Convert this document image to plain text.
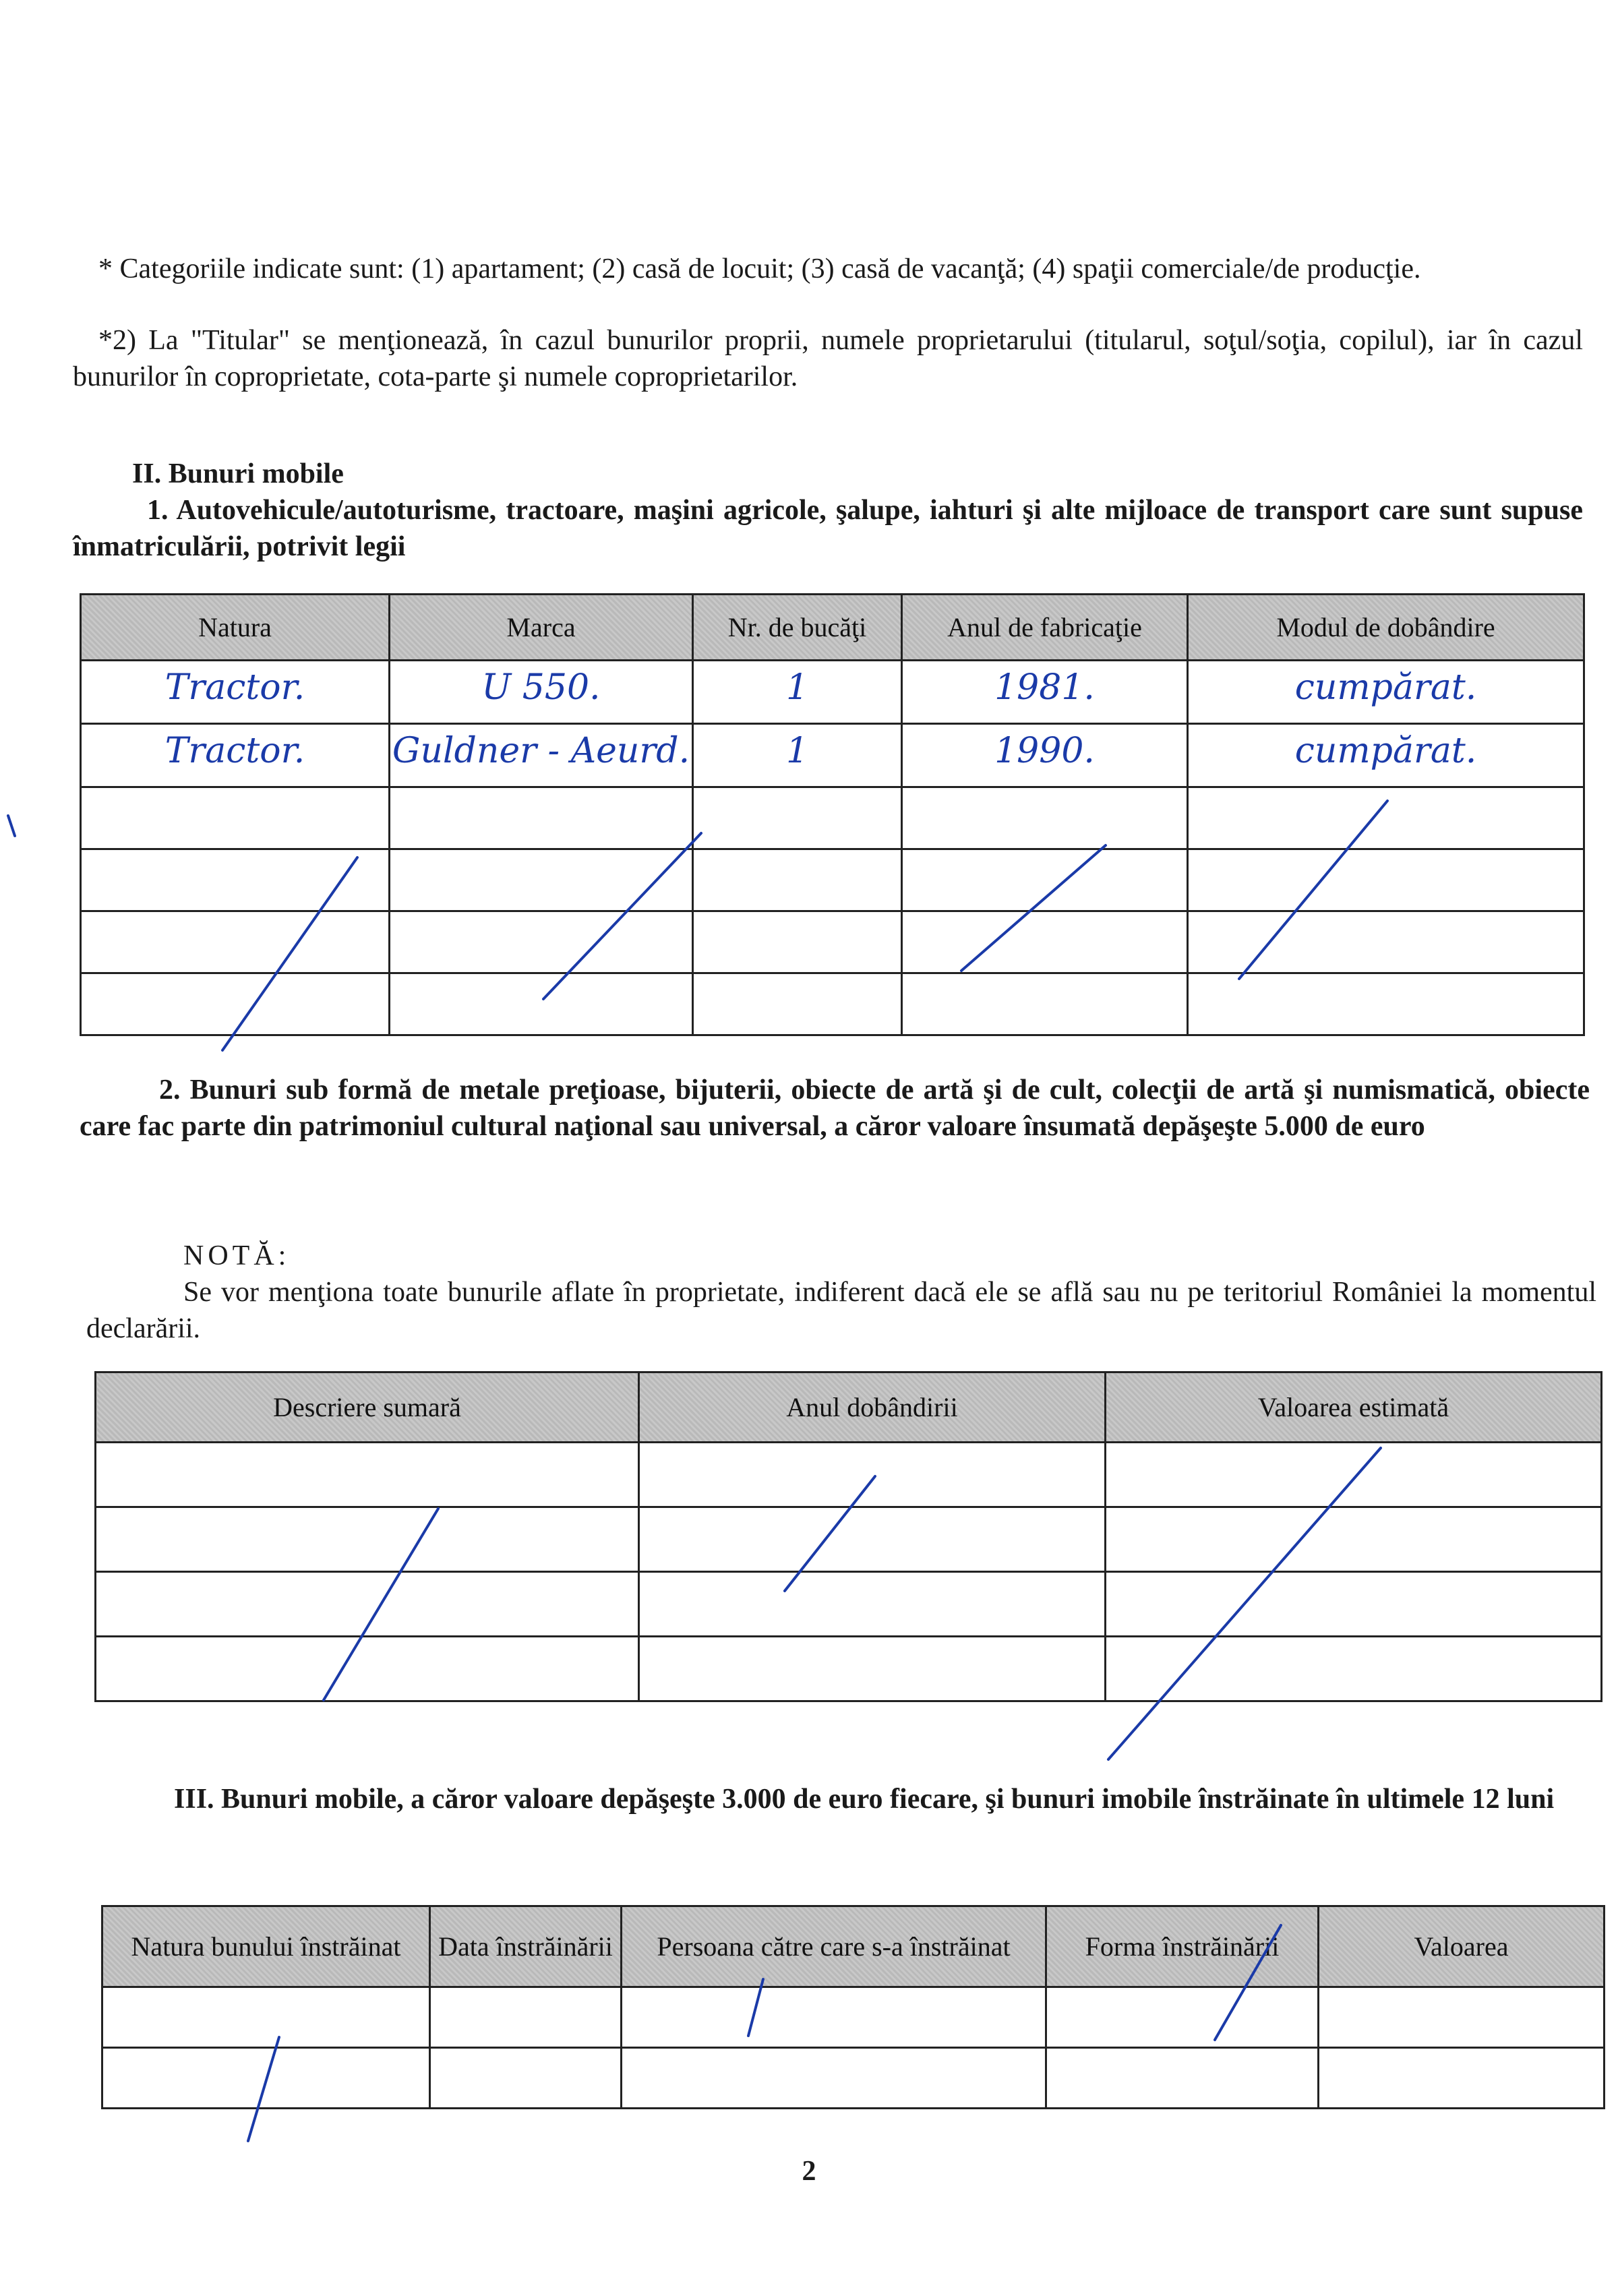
* Categoriile indicate sunt: (1) apartament; (2) casă de locuit; (3) casă de vacanţă; (4) spaţii comerciale/de producţie.

*2) La "Titular" se menţionează, în cazul bunurilor proprii, numele proprietarului (titularul, soţul/soţia, copilul), iar în cazul bunurilor în coproprietate, cota-parte şi numele coproprietarilor.

II. Bunuri mobile

1. Autovehicule/autoturisme, tractoare, maşini agricole, şalupe, iahturi şi alte mijloace de transport care sunt supuse înmatriculării, potrivit legii

Natura	Marca	Nr. de bucăţi	Anul de fabricaţie	Modul de dobândire

Tractor.	U 550.	1	1981.	cumpărat.

Tractor.	Guldner - Aeurd.	1	1990.	cumpărat.

2. Bunuri sub formă de metale preţioase, bijuterii, obiecte de artă şi de cult, colecţii de artă şi numismatică, obiecte care fac parte din patrimoniul cultural naţional sau universal, a căror valoare însumată depăşeşte 5.000 de euro

NOTĂ:

Se vor menţiona toate bunurile aflate în proprietate, indiferent dacă ele se află sau nu pe teritoriul României la momentul declarării.

Descriere sumară	Anul dobândirii	Valoarea estimată

III. Bunuri mobile, a căror valoare depăşeşte 3.000 de euro fiecare, şi bunuri imobile înstrăinate în ultimele 12 luni

Natura bunului înstrăinat	Data înstrăinării	Persoana către care s-a înstrăinat	Forma înstrăinării	Valoarea

2
